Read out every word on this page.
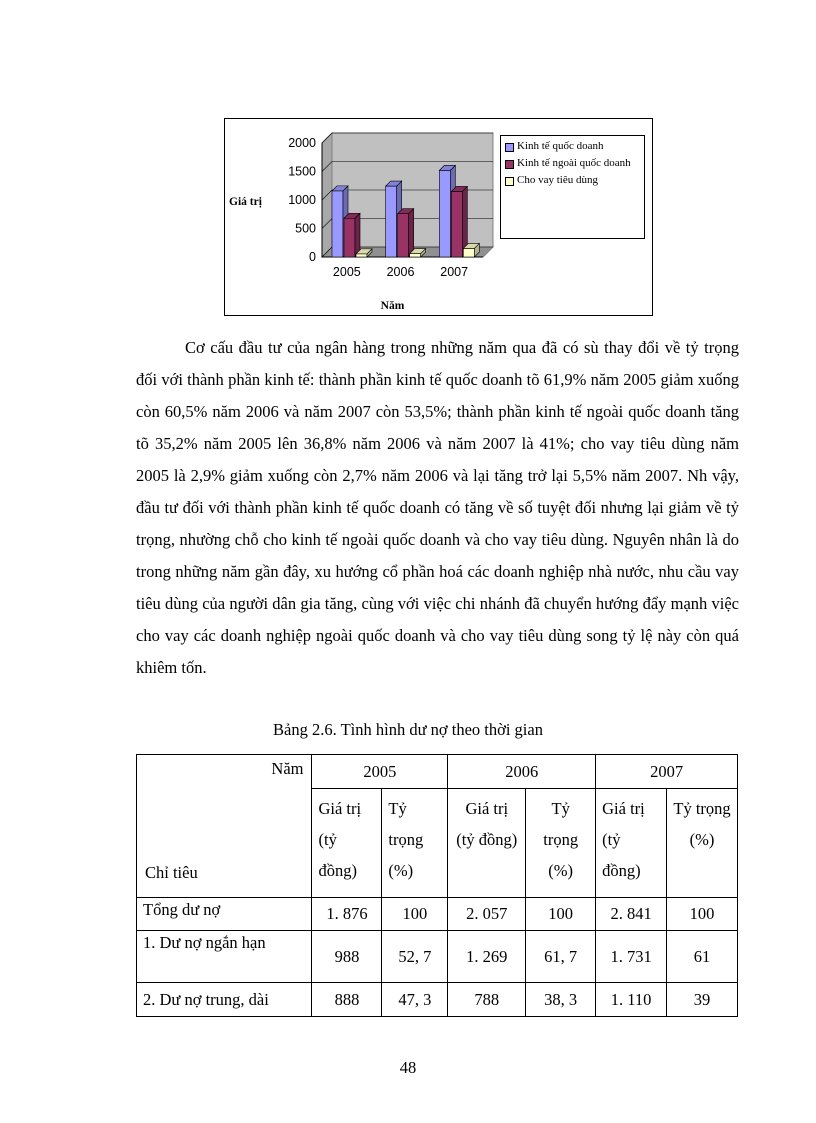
0
500
1000
1500
2000
Giá trị
Năm
2005 2006 2007
Kinh tế quốc doanh
Kinh tế ngoài quốc doanh
Cho vay tiêu dùng

Cơ cấu đầu tư của ngân hàng trong những năm qua đã có sù thay đổi về tỷ trọng đối với thành phần kinh tế: thành phần kinh tế quốc doanh tõ 61,9% năm 2005 giảm xuống còn 60,5% năm 2006 và năm 2007 còn 53,5%; thành phần kinh tế ngoài quốc doanh tăng tõ 35,2% năm 2005 lên 36,8% năm 2006 và năm 2007 là 41%; cho vay tiêu dùng năm 2005 là 2,9% giảm xuống còn 2,7% năm 2006 và lại tăng trở lại 5,5% năm 2007. Nh vậy, đầu tư đối với thành phần kinh tế quốc doanh có tăng về số tuyệt đối nhưng lại giảm về tỷ trọng, nhường chỗ cho kinh tế ngoài quốc doanh và cho vay tiêu dùng. Nguyên nhân là do trong những năm gần đây, xu hướng cổ phần hoá các doanh nghiệp nhà nước, nhu cầu vay tiêu dùng của người dân gia tăng, cùng với việc chi nhánh đã chuyển hướng đẩy mạnh việc cho vay các doanh nghiệp ngoài quốc doanh và cho vay tiêu dùng song tỷ lệ này còn quá khiêm tốn.

Bảng 2.6. Tình hình dư nợ theo thời gian
Năm
Chỉ tiêu	2005		2006		2007	
	Giá trị (tỷ đồng)	Tỷ trọng (%)	Giá trị (tỷ đồng)	Tỷ trọng (%)	Giá trị (tỷ đồng)	Tỷ trọng (%)
Tổng dư nợ	1. 876	100	2. 057	100	2. 841	100
1. Dư nợ ngắn hạn	988	52, 7	1. 269	61, 7	1. 731	61
2. Dư nợ trung, dài	888	47, 3	788	38, 3	1. 110	39
48
